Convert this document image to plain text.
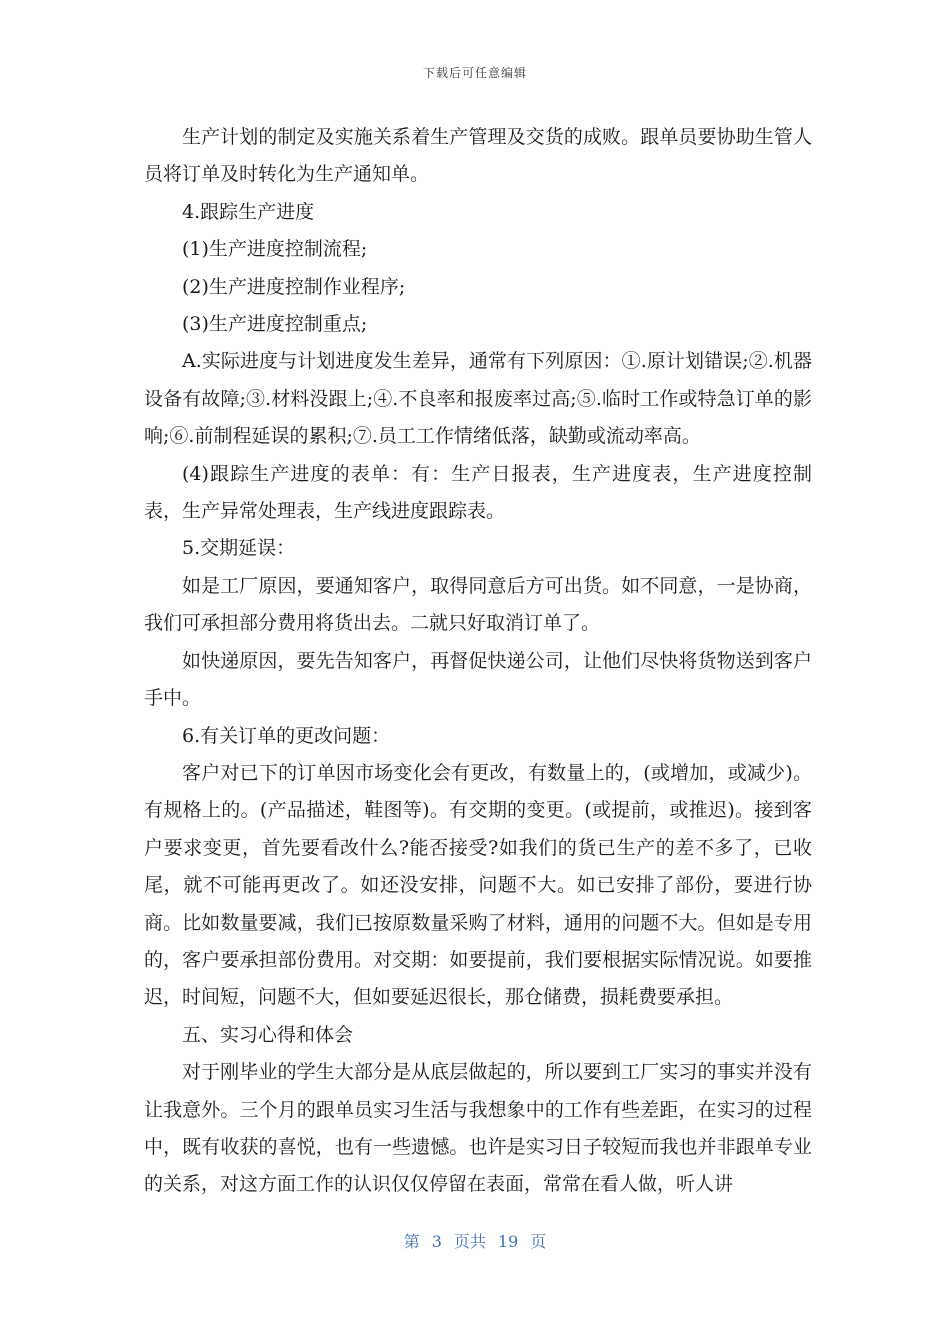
下载后可任意编辑

生产计划的制定及实施关系着生产管理及交货的成败。跟单员要协助生管人员将订单及时转化为生产通知单。

4.跟踪生产进度

(1)生产进度控制流程;

(2)生产进度控制作业程序;

(3)生产进度控制重点;

A.实际进度与计划进度发生差异，通常有下列原因：①.原计划错误;②.机器设备有故障;③.材料没跟上;④.不良率和报废率过高;⑤.临时工作或特急订单的影响;⑥.前制程延误的累积;⑦.员工工作情绪低落，缺勤或流动率高。

(4)跟踪生产进度的表单：有：生产日报表，生产进度表，生产进度控制表，生产异常处理表，生产线进度跟踪表。

5.交期延误：

如是工厂原因，要通知客户，取得同意后方可出货。如不同意，一是协商，我们可承担部分费用将货出去。二就只好取消订单了。

如快递原因，要先告知客户，再督促快递公司，让他们尽快将货物送到客户手中。

6.有关订单的更改问题：

客户对已下的订单因市场变化会有更改，有数量上的，(或增加，或减少)。有规格上的。(产品描述，鞋图等)。有交期的变更。(或提前，或推迟)。接到客户要求变更，首先要看改什么?能否接受?如我们的货已生产的差不多了，已收尾，就不可能再更改了。如还没安排，问题不大。如已安排了部份，要进行协商。比如数量要减，我们已按原数量采购了材料，通用的问题不大。但如是专用的，客户要承担部份费用。对交期：如要提前，我们要根据实际情况说。如要推迟，时间短，问题不大，但如要延迟很长，那仓储费，损耗费要承担。

五、实习心得和体会

对于刚毕业的学生大部分是从底层做起的，所以要到工厂实习的事实并没有让我意外。三个月的跟单员实习生活与我想象中的工作有些差距，在实习的过程中，既有收获的喜悦，也有一些遗憾。也许是实习日子较短而我也并非跟单专业的关系，对这方面工作的认识仅仅停留在表面，常常在看人做，听人讲

第 3 页共 19 页
